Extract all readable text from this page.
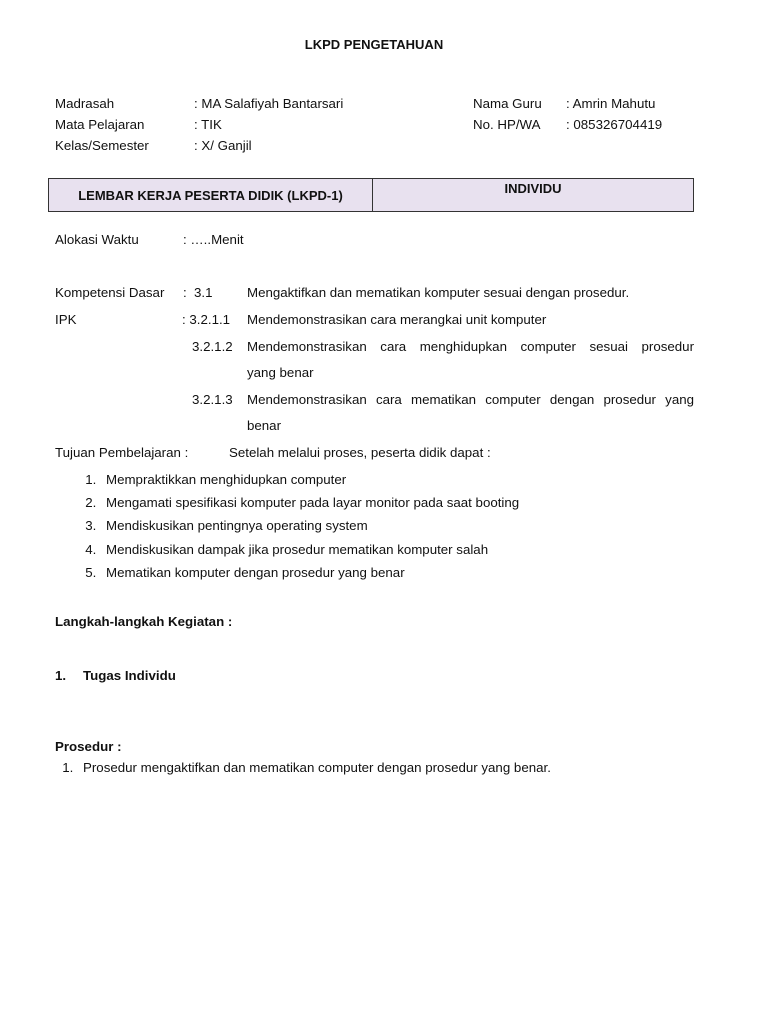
LKPD PENGETAHUAN
Madrasah	: MA Salafiyah Bantarsari
Mata Pelajaran	: TIK
Kelas/Semester	: X/ Ganjil
Nama Guru : Amrin Mahutu
No. HP/WA : 085326704419
LEMBAR KERJA PESERTA DIDIK (LKPD-1)	INDIVIDU
Alokasi Waktu	: …..Menit
Kompetensi Dasar : 3.1	Mengaktifkan dan mematikan komputer sesuai dengan prosedur.
IPK	: 3.2.1.1 Mendemonstrasikan cara merangkai unit komputer
3.2.1.2 Mendemonstrasikan cara menghidupkan computer sesuai prosedur
yang benar
3.2.1.3 Mendemonstrasikan cara mematikan computer dengan prosedur yang
benar
Tujuan Pembelajaran :	Setelah melalui proses, peserta didik dapat :
1. Mempraktikkan menghidupkan computer
2. Mengamati spesifikasi komputer pada layar monitor pada saat booting
3. Mendiskusikan pentingnya operating system
4. Mendiskusikan dampak jika prosedur mematikan komputer salah
5. Mematikan komputer dengan prosedur yang benar
Langkah-langkah Kegiatan :
1. Tugas Individu
Prosedur :
1. Prosedur mengaktifkan dan mematikan computer dengan prosedur yang benar.
